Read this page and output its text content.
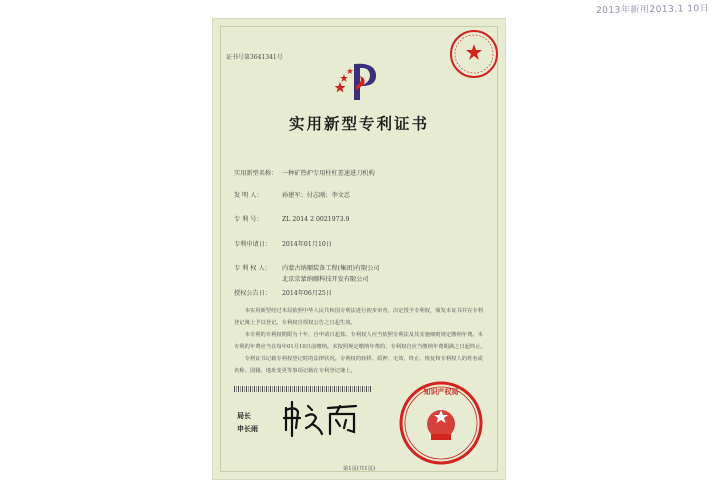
2013年新用2013.1 10日
证书号第3641341号
实用新型专利证书
实用新型名称： 一种矿热炉专用柱杠差速进刀机构
发 明 人：	孙建军；付志刚；李文忠
专 利 号：	ZL 2014 2 0021973.9
专利申请日： 2014年01月10日
专 利 权 人： 内蒙古纳顺装备工程(集团)有限公司
北京京蒙纳顺科技开发有限公司
授权公告日： 2014年06月25日

本实用新型经过本局依照中华人民共和国专利法进行初步审查，决定授予专利权，颁发本证书并在专利登记簿上予以登记。专利权自授权公告之日起生效。

本专利的专利权期限为十年，自申请日起算。专利权人应当依照专利法及其实施细则规定缴纳年费。本专利的年费应当在每年01月10日前缴纳。未按照规定缴纳年费的，专利权自应当缴纳年费期满之日起终止。

专利证书记载专利权登记时的法律状况。专利权的转移、质押、无效、终止、恢复和专利权人的姓名或名称、国籍、地址变更等事项记载在专利登记簿上。

局长
申长雨
知识产权局
第1页(共1页)
